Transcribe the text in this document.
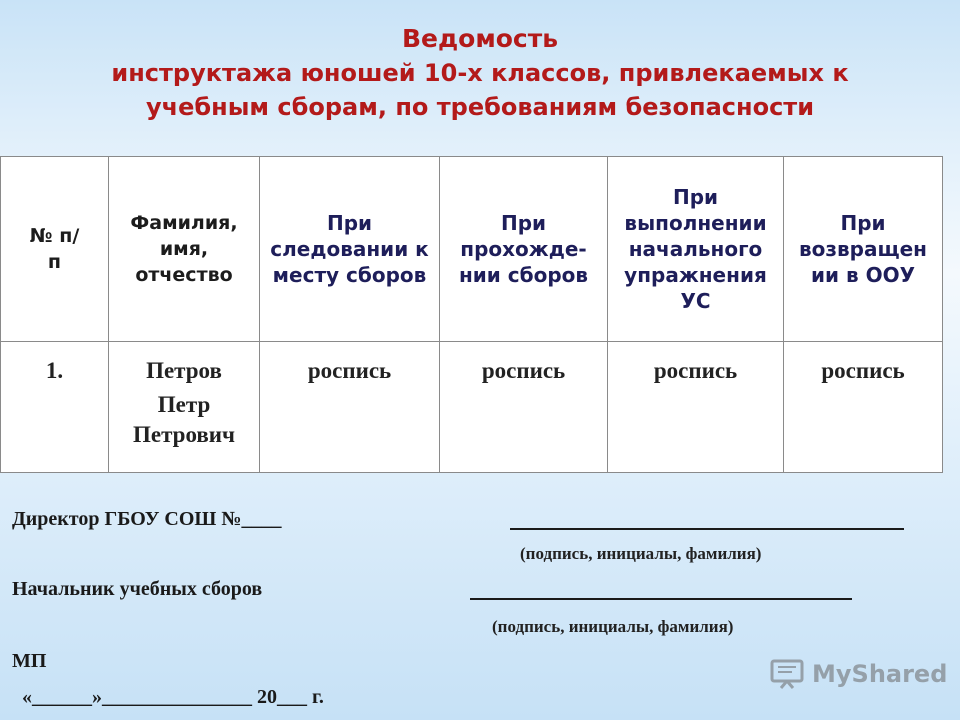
Ведомость
инструктажа юношей 10-х классов, привлекаемых к
учебным сборам, по требованиям безопасности
№ п/п	Фамилия, имя, отчество	При следовании к месту сборов	При прохожде-нии сборов	При выполнении начального упражнения УС	При возвращен ии в ООУ

1.	Петров
Петр
Петрович	роспись	роспись	роспись	роспись
Директор ГБОУ СОШ №____
(подпись, инициалы, фамилия)
Начальник учебных сборов
(подпись, инициалы, фамилия)
МП
«______»_______________ 20___ г.
MyShared
